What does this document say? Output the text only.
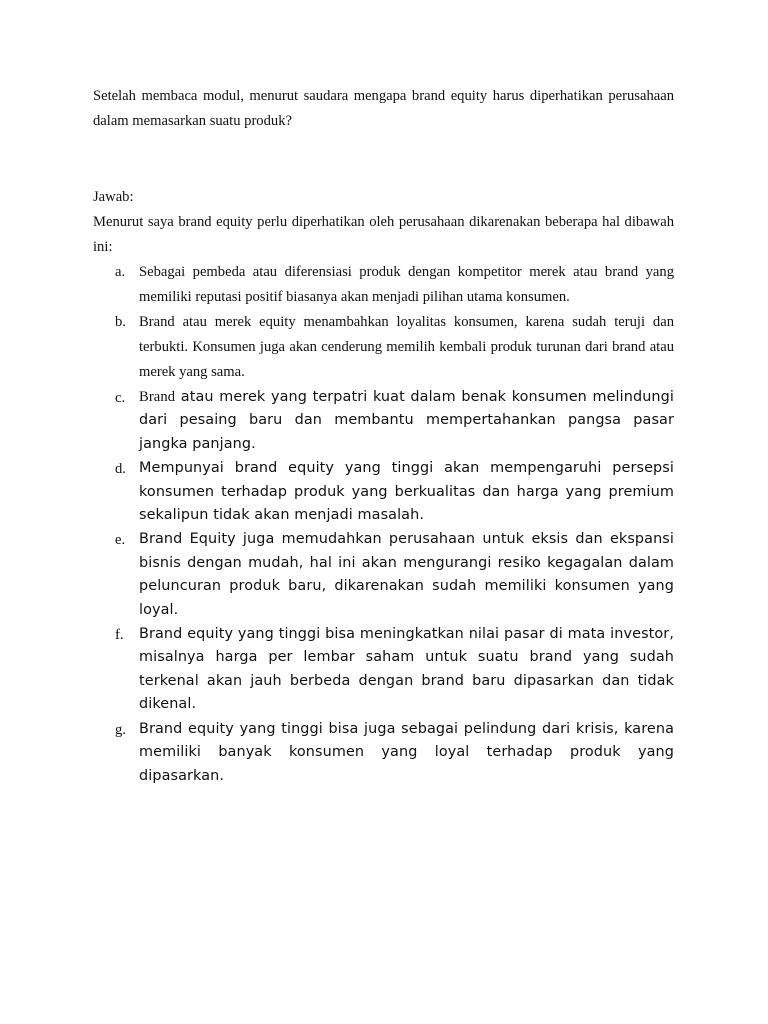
Setelah membaca modul, menurut saudara mengapa brand equity harus diperhatikan perusahaan dalam memasarkan suatu produk?

Jawab:

Menurut saya brand equity perlu diperhatikan oleh perusahaan dikarenakan beberapa hal dibawah ini:

a. Sebagai pembeda atau diferensiasi produk dengan kompetitor merek atau brand yang memiliki reputasi positif biasanya akan menjadi pilihan utama konsumen.
b. Brand atau merek equity menambahkan loyalitas konsumen, karena sudah teruji dan terbukti. Konsumen juga akan cenderung memilih kembali produk turunan dari brand atau merek yang sama.
c. Brand atau merek yang terpatri kuat dalam benak konsumen melindungi dari pesaing baru dan membantu mempertahankan pangsa pasar jangka panjang.
d. Mempunyai brand equity yang tinggi akan mempengaruhi persepsi konsumen terhadap produk yang berkualitas dan harga yang premium sekalipun tidak akan menjadi masalah.
e. Brand Equity juga memudahkan perusahaan untuk eksis dan ekspansi bisnis dengan mudah, hal ini akan mengurangi resiko kegagalan dalam peluncuran produk baru, dikarenakan sudah memiliki konsumen yang loyal.
f. Brand equity yang tinggi bisa meningkatkan nilai pasar di mata investor, misalnya harga per lembar saham untuk suatu brand yang sudah terkenal akan jauh berbeda dengan brand baru dipasarkan dan tidak dikenal.
g. Brand equity yang tinggi bisa juga sebagai pelindung dari krisis, karena memiliki banyak konsumen yang loyal terhadap produk yang dipasarkan.
